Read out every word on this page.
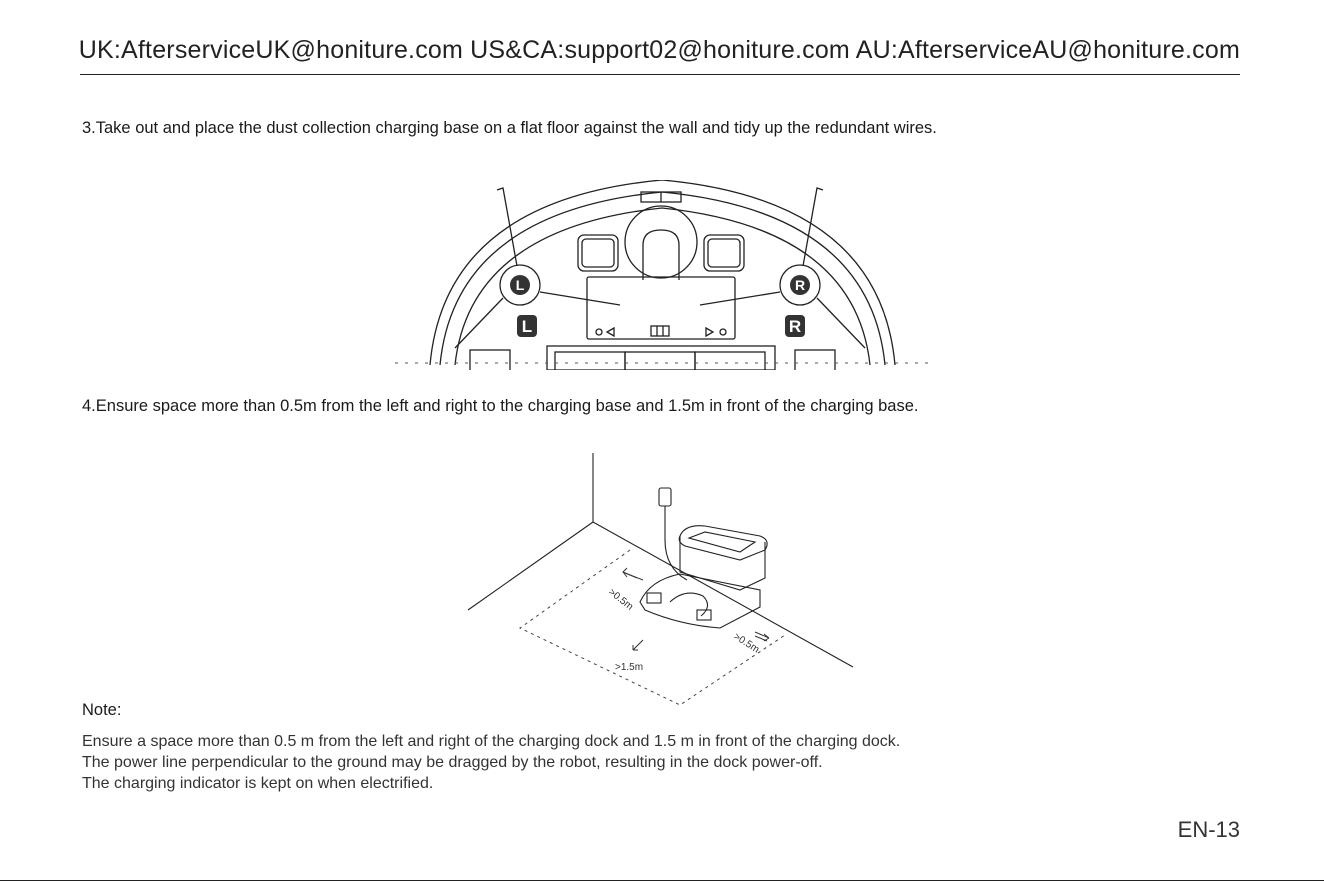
UK:AfterserviceUK@honiture.com US&CA:support02@honiture.com AU:AfterserviceAU@honiture.com
3.Take out and place the dust collection charging base on a flat floor against the wall and tidy up the redundant wires.
L	R
L	R
4.Ensure space more than 0.5m from the left and right to the charging base and 1.5m in front of the charging base.
>0.5m
>0.5m
>1.5m
Note:
Ensure a space more than 0.5 m from the left and right of the charging dock and 1.5 m in front of the charging dock.
The power line perpendicular to the ground may be dragged by the robot, resulting in the dock power-off.
The charging indicator is kept on when electrified.
EN-13
